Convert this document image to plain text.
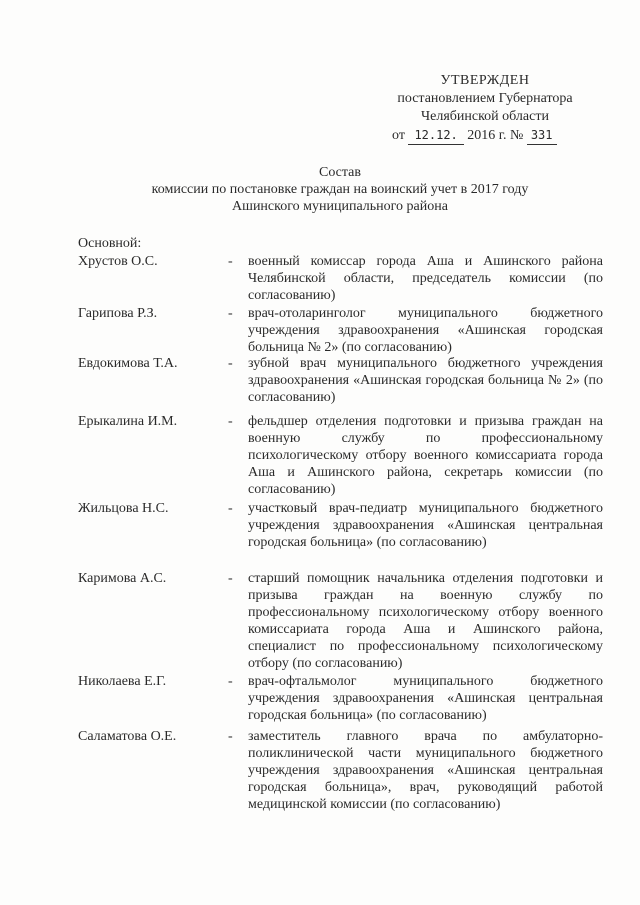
УТВЕРЖДЕН
постановлением Губернатора
Челябинской области
от 12.12. 2016 г. № 331
Состав
комиссии по постановке граждан на воинский учет в 2017 году
Ашинского муниципального района
Основной:
Хрустов О.С.	- военный комиссар города Аша и Ашинского района Челябинской области, председатель комиссии (по согласованию)
Гарипова Р.З.	- врач-отоларинголог муниципального бюджетного учреждения здравоохранения «Ашинская городская больница № 2» (по согласованию)
Евдокимова Т.А.	- зубной врач муниципального бюджетного учреждения здравоохранения «Ашинская городская больница № 2» (по согласованию)
Ерыкалина И.М.	- фельдшер отделения подготовки и призыва граждан на военную службу по профессиональному психологическому отбору военного комиссариата города Аша и Ашинского района, секретарь комиссии (по согласованию)
Жильцова Н.С.	- участковый врач-педиатр муниципального бюджетного учреждения здравоохранения «Ашинская центральная городская больница» (по согласованию)
Каримова А.С.	- старший помощник начальника отделения подготовки и призыва граждан на военную службу по профессиональному психологическому отбору военного комиссариата города Аша и Ашинского района, специалист по профессиональному психологическому отбору (по согласованию)
Николаева Е.Г.	- врач-офтальмолог муниципального бюджетного учреждения здравоохранения «Ашинская центральная городская больница» (по согласованию)
Саламатова О.Е.	- заместитель главного врача по амбулаторно-поликлинической части муниципального бюджетного учреждения здравоохранения «Ашинская центральная городская больница», врач, руководящий работой медицинской комиссии (по согласованию)
